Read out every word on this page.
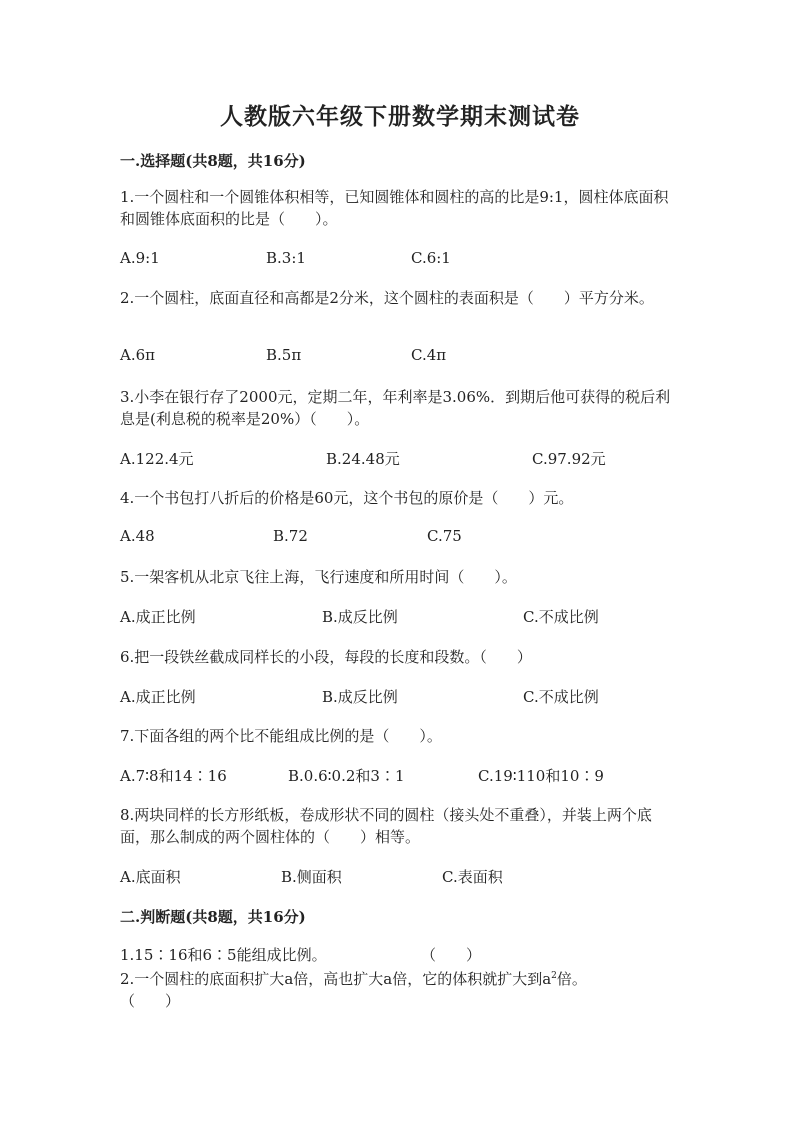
人教版六年级下册数学期末测试卷
一.选择题(共8题，共16分)
1.一个圆柱和一个圆锥体积相等，已知圆锥体和圆柱的高的比是9:1，圆柱体底面积和圆锥体底面积的比是（　　）。
A.9:1	B.3:1	C.6:1
2.一个圆柱，底面直径和高都是2分米，这个圆柱的表面积是（　　）平方分米。
A.6π	B.5π	C.4π
3.小李在银行存了2000元，定期二年，年利率是3.06%．到期后他可获得的税后利息是(利息税的税率是20%）（　　）。
A.122.4元	B.24.48元	C.97.92元
4.一个书包打八折后的价格是60元，这个书包的原价是（　　）元。
A.48	B.72	C.75
5.一架客机从北京飞往上海，飞行速度和所用时间（　　）。
A.成正比例	B.成反比例	C.不成比例
6.把一段铁丝截成同样长的小段，每段的长度和段数。（　　）
A.成正比例	B.成反比例	C.不成比例
7.下面各组的两个比不能组成比例的是（　　）。
A.7∶8和14∶16	B.0.6∶0.2和3∶1	C.19∶110和10∶9
8.两块同样的长方形纸板，卷成形状不同的圆柱（接头处不重叠），并装上两个底面，那么制成的两个圆柱体的（　　）相等。
A.底面积	B.侧面积	C.表面积
二.判断题(共8题，共16分)
1.15∶16和6∶5能组成比例。	（　　）
2.一个圆柱的底面积扩大a倍，高也扩大a倍，它的体积就扩大到$a^2$倍。
（　　）
